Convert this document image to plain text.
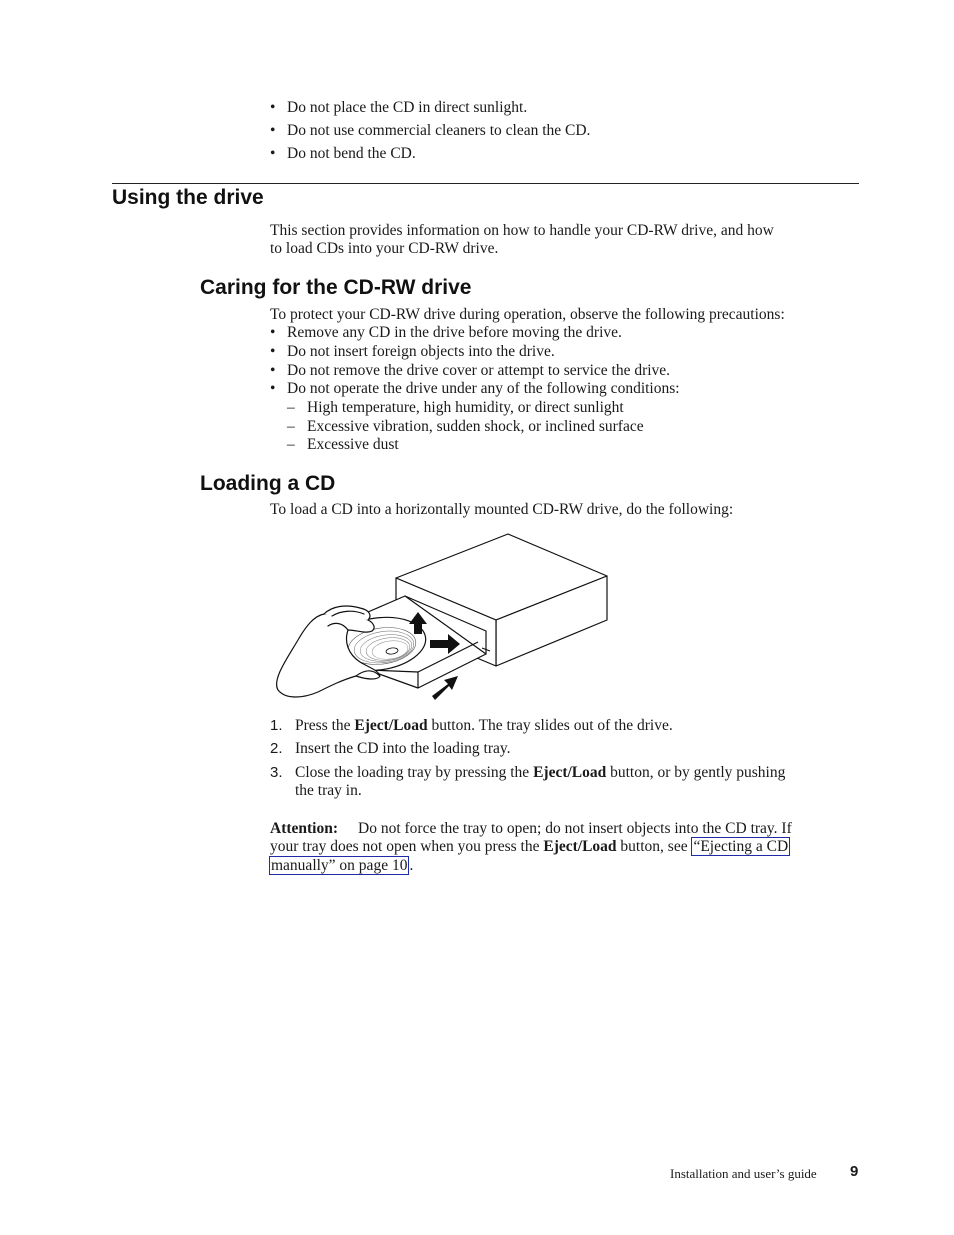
• Do not place the CD in direct sunlight.
• Do not use commercial cleaners to clean the CD.
• Do not bend the CD.
Using the drive
This section provides information on how to handle your CD-RW drive, and how
to load CDs into your CD-RW drive.
Caring for the CD-RW drive
To protect your CD-RW drive during operation, observe the following precautions:
• Remove any CD in the drive before moving the drive.
• Do not insert foreign objects into the drive.
• Do not remove the drive cover or attempt to service the drive.
• Do not operate the drive under any of the following conditions:
– High temperature, high humidity, or direct sunlight
– Excessive vibration, sudden shock, or inclined surface
– Excessive dust
Loading a CD
To load a CD into a horizontally mounted CD-RW drive, do the following:
1. Press the Eject/Load button. The tray slides out of the drive.
2. Insert the CD into the loading tray.
3. Close the loading tray by pressing the Eject/Load button, or by gently pushing
the tray in.
Attention: Do not force the tray to open; do not insert objects into the CD tray. If
your tray does not open when you press the Eject/Load button, see “Ejecting a CD
manually” on page 10 .
Installation and user’s guide 9
